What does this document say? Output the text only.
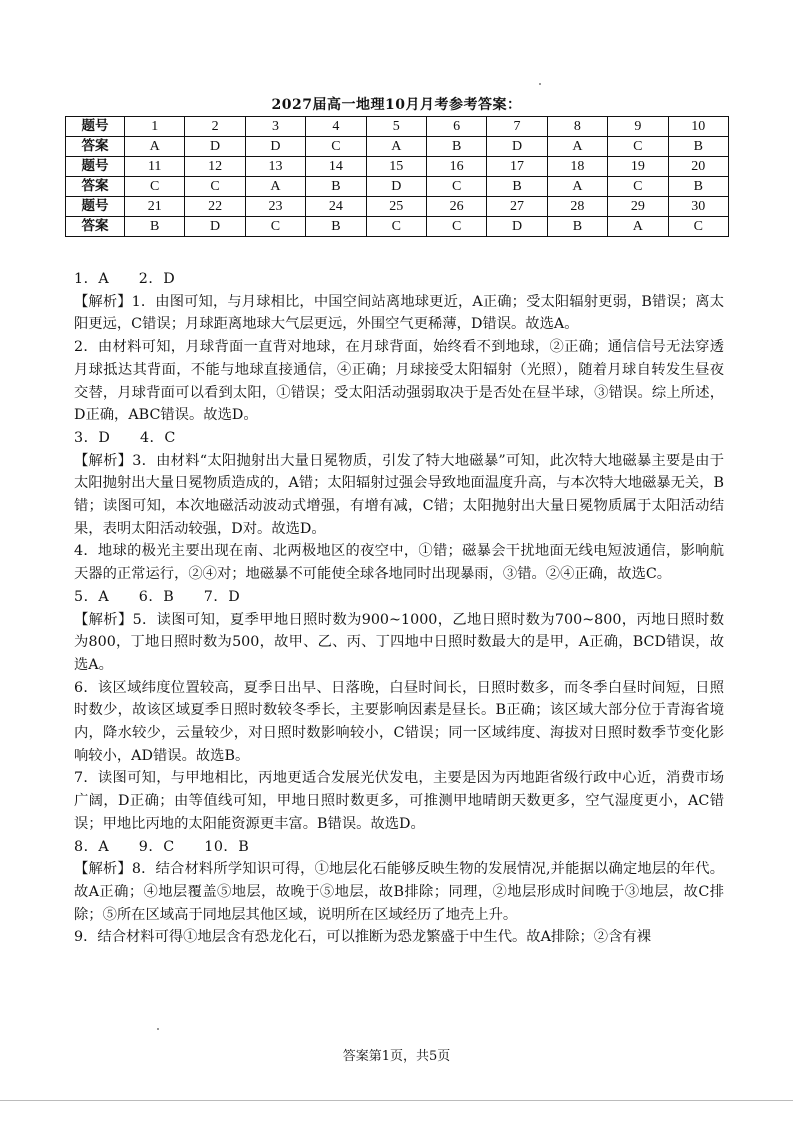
2027届高一地理10月月考参考答案：
题号	1	2	3	4	5	6	7	8	9	10
答案	A	D	D	C	A	B	D	A	C	B
题号	11	12	13	14	15	16	17	18	19	20
答案	C	C	A	B	D	C	B	A	C	B
题号	21	22	23	24	25	26	27	28	29	30
答案	B	D	C	B	C	C	D	B	A	C

1．A　　2．D

【解析】1．由图可知，与月球相比，中国空间站离地球更近，A正确；受太阳辐射更弱，B错误；离太阳更远，C错误；月球距离地球大气层更远，外围空气更稀薄，D错误。故选A。

2．由材料可知，月球背面一直背对地球，在月球背面，始终看不到地球，②正确；通信信号无法穿透月球抵达其背面，不能与地球直接通信，④正确；月球接受太阳辐射（光照），随着月球自转发生昼夜交替，月球背面可以看到太阳，①错误；受太阳活动强弱取决于是否处在昼半球，③错误。综上所述，D正确，ABC错误。故选D。

3．D　　4．C

【解析】3．由材料“太阳抛射出大量日冕物质，引发了特大地磁暴”可知，此次特大地磁暴主要是由于太阳抛射出大量日冕物质造成的，A错；太阳辐射过强会导致地面温度升高，与本次特大地磁暴无关，B错；读图可知，本次地磁活动波动式增强，有增有减，C错；太阳抛射出大量日冕物质属于太阳活动结果，表明太阳活动较强，D对。故选D。

4．地球的极光主要出现在南、北两极地区的夜空中，①错；磁暴会干扰地面无线电短波通信，影响航天器的正常运行，②④对；地磁暴不可能使全球各地同时出现暴雨，③错。②④正确，故选C。

5．A　　6．B　　7．D

【解析】5．读图可知，夏季甲地日照时数为900~1000，乙地日照时数为700~800，丙地日照时数为800，丁地日照时数为500，故甲、乙、丙、丁四地中日照时数最大的是甲，A正确，BCD错误，故选A。

6．该区域纬度位置较高，夏季日出早、日落晚，白昼时间长，日照时数多，而冬季白昼时间短，日照时数少，故该区域夏季日照时数较冬季长，主要影响因素是昼长。B正确；该区域大部分位于青海省境内，降水较少，云量较少，对日照时数影响较小，C错误；同一区域纬度、海拔对日照时数季节变化影响较小，AD错误。故选B。

7．读图可知，与甲地相比，丙地更适合发展光伏发电，主要是因为丙地距省级行政中心近，消费市场广阔，D正确；由等值线可知，甲地日照时数更多，可推测甲地晴朗天数更多，空气湿度更小，AC错误；甲地比丙地的太阳能资源更丰富。B错误。故选D。

8．A　　9．C　　10．B

【解析】8．结合材料所学知识可得，①地层化石能够反映生物的发展情况,并能据以确定地层的年代。故A正确；④地层覆盖⑤地层，故晚于⑤地层，故B排除；同理，②地层形成时间晚于③地层，故C排除；⑤所在区域高于同地层其他区域，说明所在区域经历了地壳上升。

9．结合材料可得①地层含有恐龙化石，可以推断为恐龙繁盛于中生代。故A排除；②含有裸

答案第1页，共5页
